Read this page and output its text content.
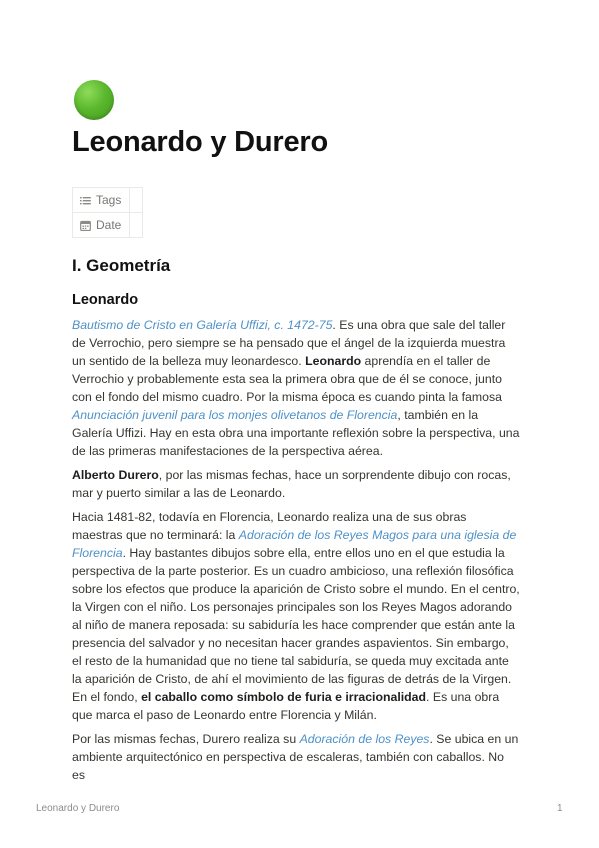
Leonardo y Durero
Tags
Date
I. Geometría
Leonardo

Bautismo de Cristo en Galería Uffizi, c. 1472-75. Es una obra que sale del taller de Verrochio, pero siempre se ha pensado que el ángel de la izquierda muestra un sentido de la belleza muy leonardesco. Leonardo aprendía en el taller de Verrochio y probablemente esta sea la primera obra que de él se conoce, junto con el fondo del mismo cuadro. Por la misma época es cuando pinta la famosa Anunciación juvenil para los monjes olivetanos de Florencia, también en la Galería Uffizi. Hay en esta obra una importante reflexión sobre la perspectiva, una de las primeras manifestaciones de la perspectiva aérea.

Alberto Durero, por las mismas fechas, hace un sorprendente dibujo con rocas, mar y puerto similar a las de Leonardo.

Hacia 1481-82, todavía en Florencia, Leonardo realiza una de sus obras maestras que no terminará: la Adoración de los Reyes Magos para una iglesia de Florencia. Hay bastantes dibujos sobre ella, entre ellos uno en el que estudia la perspectiva de la parte posterior. Es un cuadro ambicioso, una reflexión filosófica sobre los efectos que produce la aparición de Cristo sobre el mundo. En el centro, la Virgen con el niño. Los personajes principales son los Reyes Magos adorando al niño de manera reposada: su sabiduría les hace comprender que están ante la presencia del salvador y no necesitan hacer grandes aspavientos. Sin embargo, el resto de la humanidad que no tiene tal sabiduría, se queda muy excitada ante la aparición de Cristo, de ahí el movimiento de las figuras de detrás de la Virgen. En el fondo, el caballo como símbolo de furia e irracionalidad. Es una obra que marca el paso de Leonardo entre Florencia y Milán.

Por las mismas fechas, Durero realiza su Adoración de los Reyes. Se ubica en un ambiente arquitectónico en perspectiva de escaleras, también con caballos. No es

Leonardo y Durero	1
